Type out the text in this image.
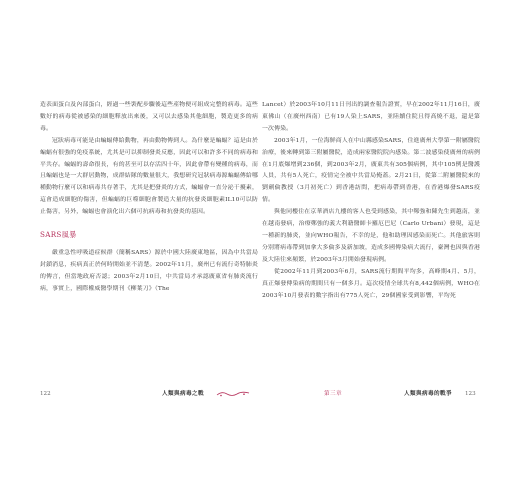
造表面蛋白及內部蛋白，經過一些裝配步驟後這些產物便可組成完整的病毒。這些數好的病毒從被感染的細胞釋放出來後，又可以去感染其他細胞，製造更多的病毒。

冠狀病毒可能是由蝙蝠傳給動物，再由動物傳到人。為什麼是蝙蝠？這是由於蝙蝠有很強的免疫系統，尤其是可以抑制發炎反應，因此可以和許多不同的病毒和平共存。蝙蝠的壽命很長，有的甚至可以存活四十年，因此會帶有變種的病毒，而且蝙蝠也是一大群居動物，成群結隊的數量很大，我想研究冠狀病毒源蝙蝠傳給哪種動物行麼可以和病毒共存著手，尤其是把發炎的方式，蝙蝠會一直分泌干擾素，這會造成細胞的傷害，但蝙蝠的巨噬細胞會製造大量的抗發炎細胞素IL10可以防止傷害，另外，蝙蝠也會演化出六個可抗病毒和抗發炎的基因。

SARS風暴

嚴重急性呼吸道症候群（簡稱SARS）源於中國大陸廣東地區，因為中共當局封鎖消息，疾病真正於何時開始並不清楚。2002年11月，廣州已有流行奇特肺炎的傳言，但當地政府否認；2003年2月10日，中共當局才承認廣東省有肺炎流行病，事實上，國際權威醫學期刊《柳葉刀》（The

Lancet）於2003年10月11日刊出的調查報告證實，早在2002年11月16日，廣東佛山（在廣州西南）已有19人染上SARS，並陸續住院且得高燒不退，還是第一次傳染。

2003年1月，一位海鮮商人在中山縣感染SARS，住進廣州大學第一附屬醫院治療，後來轉到第三附屬醫院，造成兩家醫院院內感染。第二波感染使廣州的病例在1月底爆增到236個，到2003年2月，廣東共有305個病例，其中105例是醫護人員，共有5人死亡，疫情完全被中共當局掩蓋。2月21日，從第二附屬醫院來的劉劍倫教授（3月初死亡）到香港訪問，把病毒帶到香港，在香港爆發SARS疫情。

與他同樓住在京華酒店九樓的客人也受到感染，其中鄭強和陳先生到越南，並在越南發病，治療鄭強的義大利籍醫師卡羅厄巴尼（Carlo Urbani）發現，這是一種新的肺炎，並向WHO報告，不幸的是，他和助理因感染而死亡。其他旅客則分別將病毒帶到加拿大多倫多及新加坡，造成多國傳染病大流行，臺灣也因與香港及大陸往來頻繁，於2003年3月開始發現病例。

從2002年11月到2003年6月，SARS流行期間平均多，高峰期4月、5月，真正爆發傳染病的期間只有一個多月。這次疫情全球共有8,442個病例，WHO在2003年10月發表的數字指出有775人死亡，29個國家受到影響，平均死

122	人類與病毒之戰	第三章	人類與病毒的戰爭 123
